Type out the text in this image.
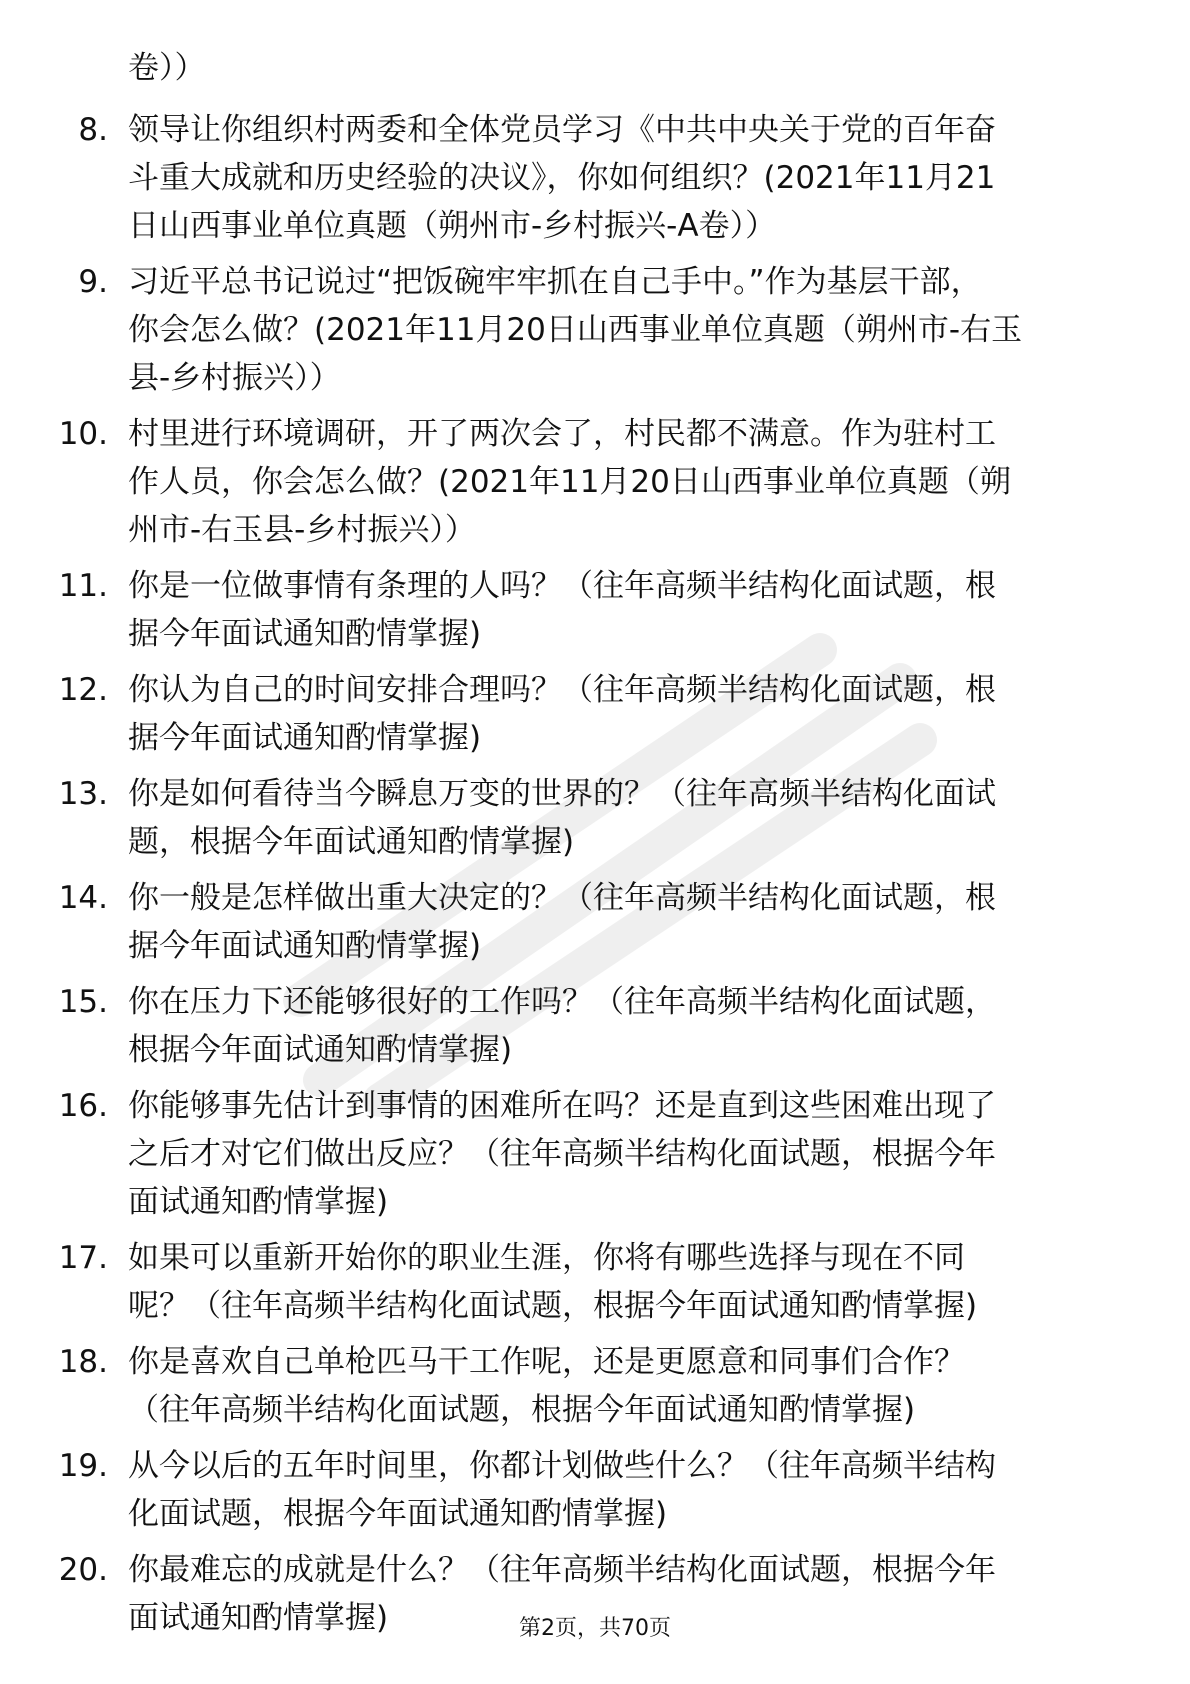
卷））
8. 领导让你组织村两委和全体党员学习《中共中央关于党的百年奋
斗重大成就和历史经验的决议》，你如何组织？(2021年11月21
日山西事业单位真题（朔州市-乡村振兴-A卷））
9. 习近平总书记说过“把饭碗牢牢抓在自己手中。”作为基层干部，
你会怎么做？(2021年11月20日山西事业单位真题（朔州市-右玉
县-乡村振兴））
10. 村里进行环境调研，开了两次会了，村民都不满意。作为驻村工
作人员，你会怎么做？(2021年11月20日山西事业单位真题（朔
州市-右玉县-乡村振兴））
11. 你是一位做事情有条理的人吗？（往年高频半结构化面试题，根
据今年面试通知酌情掌握)
12. 你认为自己的时间安排合理吗？（往年高频半结构化面试题，根
据今年面试通知酌情掌握)
13. 你是如何看待当今瞬息万变的世界的？（往年高频半结构化面试
题，根据今年面试通知酌情掌握)
14. 你一般是怎样做出重大决定的？（往年高频半结构化面试题，根
据今年面试通知酌情掌握)
15. 你在压力下还能够很好的工作吗？（往年高频半结构化面试题，
根据今年面试通知酌情掌握)
16. 你能够事先估计到事情的困难所在吗？还是直到这些困难出现了
之后才对它们做出反应？（往年高频半结构化面试题，根据今年
面试通知酌情掌握)
17. 如果可以重新开始你的职业生涯，你将有哪些选择与现在不同
呢？（往年高频半结构化面试题，根据今年面试通知酌情掌握)
18. 你是喜欢自己单枪匹马干工作呢，还是更愿意和同事们合作？
（往年高频半结构化面试题，根据今年面试通知酌情掌握)
19. 从今以后的五年时间里，你都计划做些什么？（往年高频半结构
化面试题，根据今年面试通知酌情掌握)
20. 你最难忘的成就是什么？（往年高频半结构化面试题，根据今年
面试通知酌情掌握)	第2页，共70页
